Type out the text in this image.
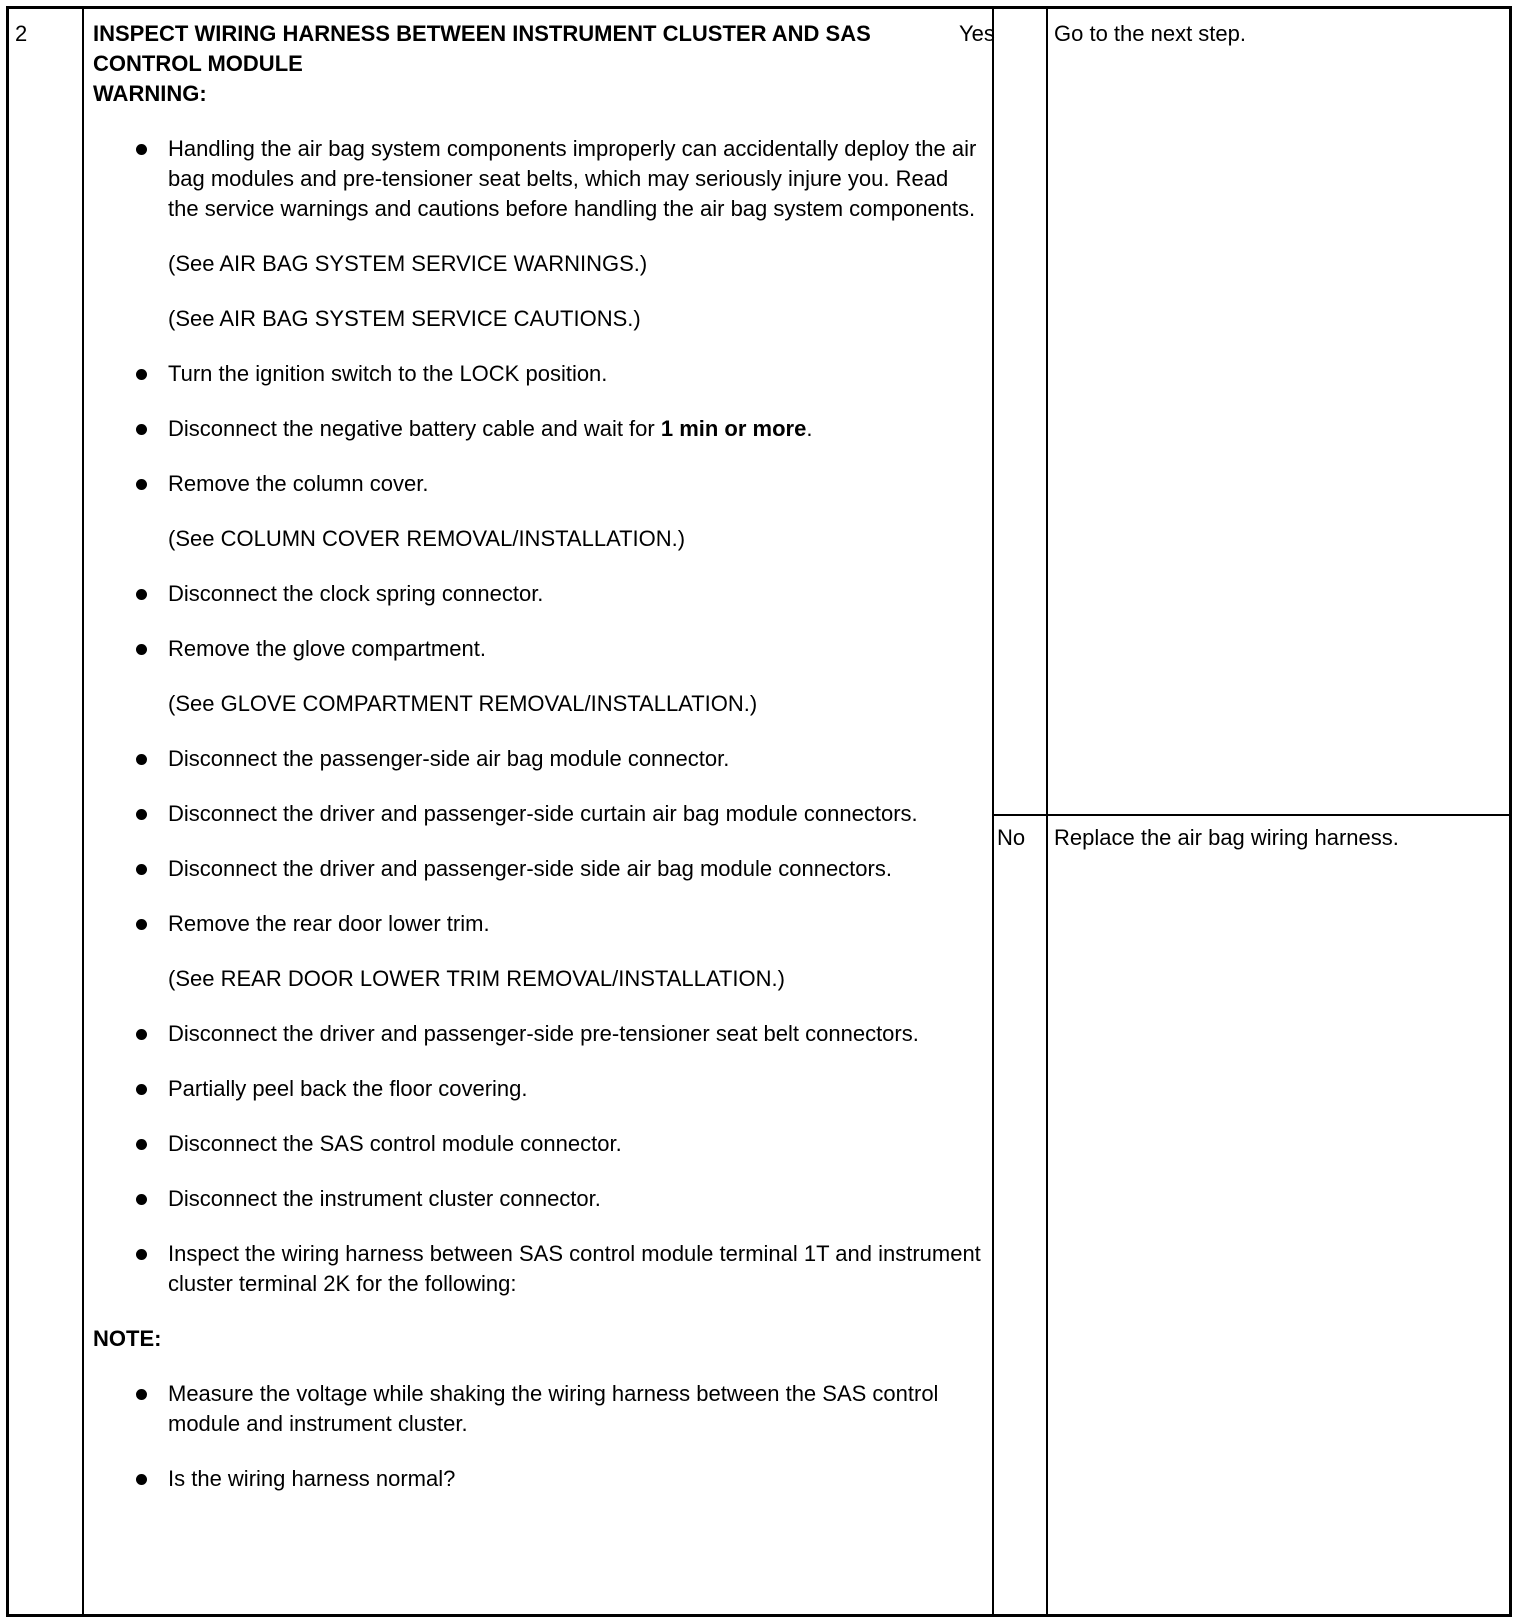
2	INSPECT WIRING HARNESS BETWEEN INSTRUMENT CLUSTER AND SAS CONTROL MODULE

WARNING:

Handling the air bag system components improperly can accidentally deploy the air bag modules and pre-tensioner seat belts, which may seriously injure you. Read the service warnings and cautions before handling the air bag system components.
(See AIR BAG SYSTEM SERVICE WARNINGS.)
(See AIR BAG SYSTEM SERVICE CAUTIONS.)
Turn the ignition switch to the LOCK position.
Disconnect the negative battery cable and wait for 1 min or more.
Remove the column cover.
(See COLUMN COVER REMOVAL/INSTALLATION.)
Disconnect the clock spring connector.
Remove the glove compartment.
(See GLOVE COMPARTMENT REMOVAL/INSTALLATION.)
Disconnect the passenger-side air bag module connector.
Disconnect the driver and passenger-side curtain air bag module connectors.
Disconnect the driver and passenger-side side air bag module connectors.
Remove the rear door lower trim.
(See REAR DOOR LOWER TRIM REMOVAL/INSTALLATION.)
Disconnect the driver and passenger-side pre-tensioner seat belt connectors.
Partially peel back the floor covering.
Disconnect the SAS control module connector.
Disconnect the instrument cluster connector.
Inspect the wiring harness between SAS control module terminal 1T and instrument cluster terminal 2K for the following:

NOTE:

Measure the voltage while shaking the wiring harness between the SAS control module and instrument cluster.
Is the wiring harness normal?
Yes	Go to the next step.
No Replace the air bag wiring harness.
